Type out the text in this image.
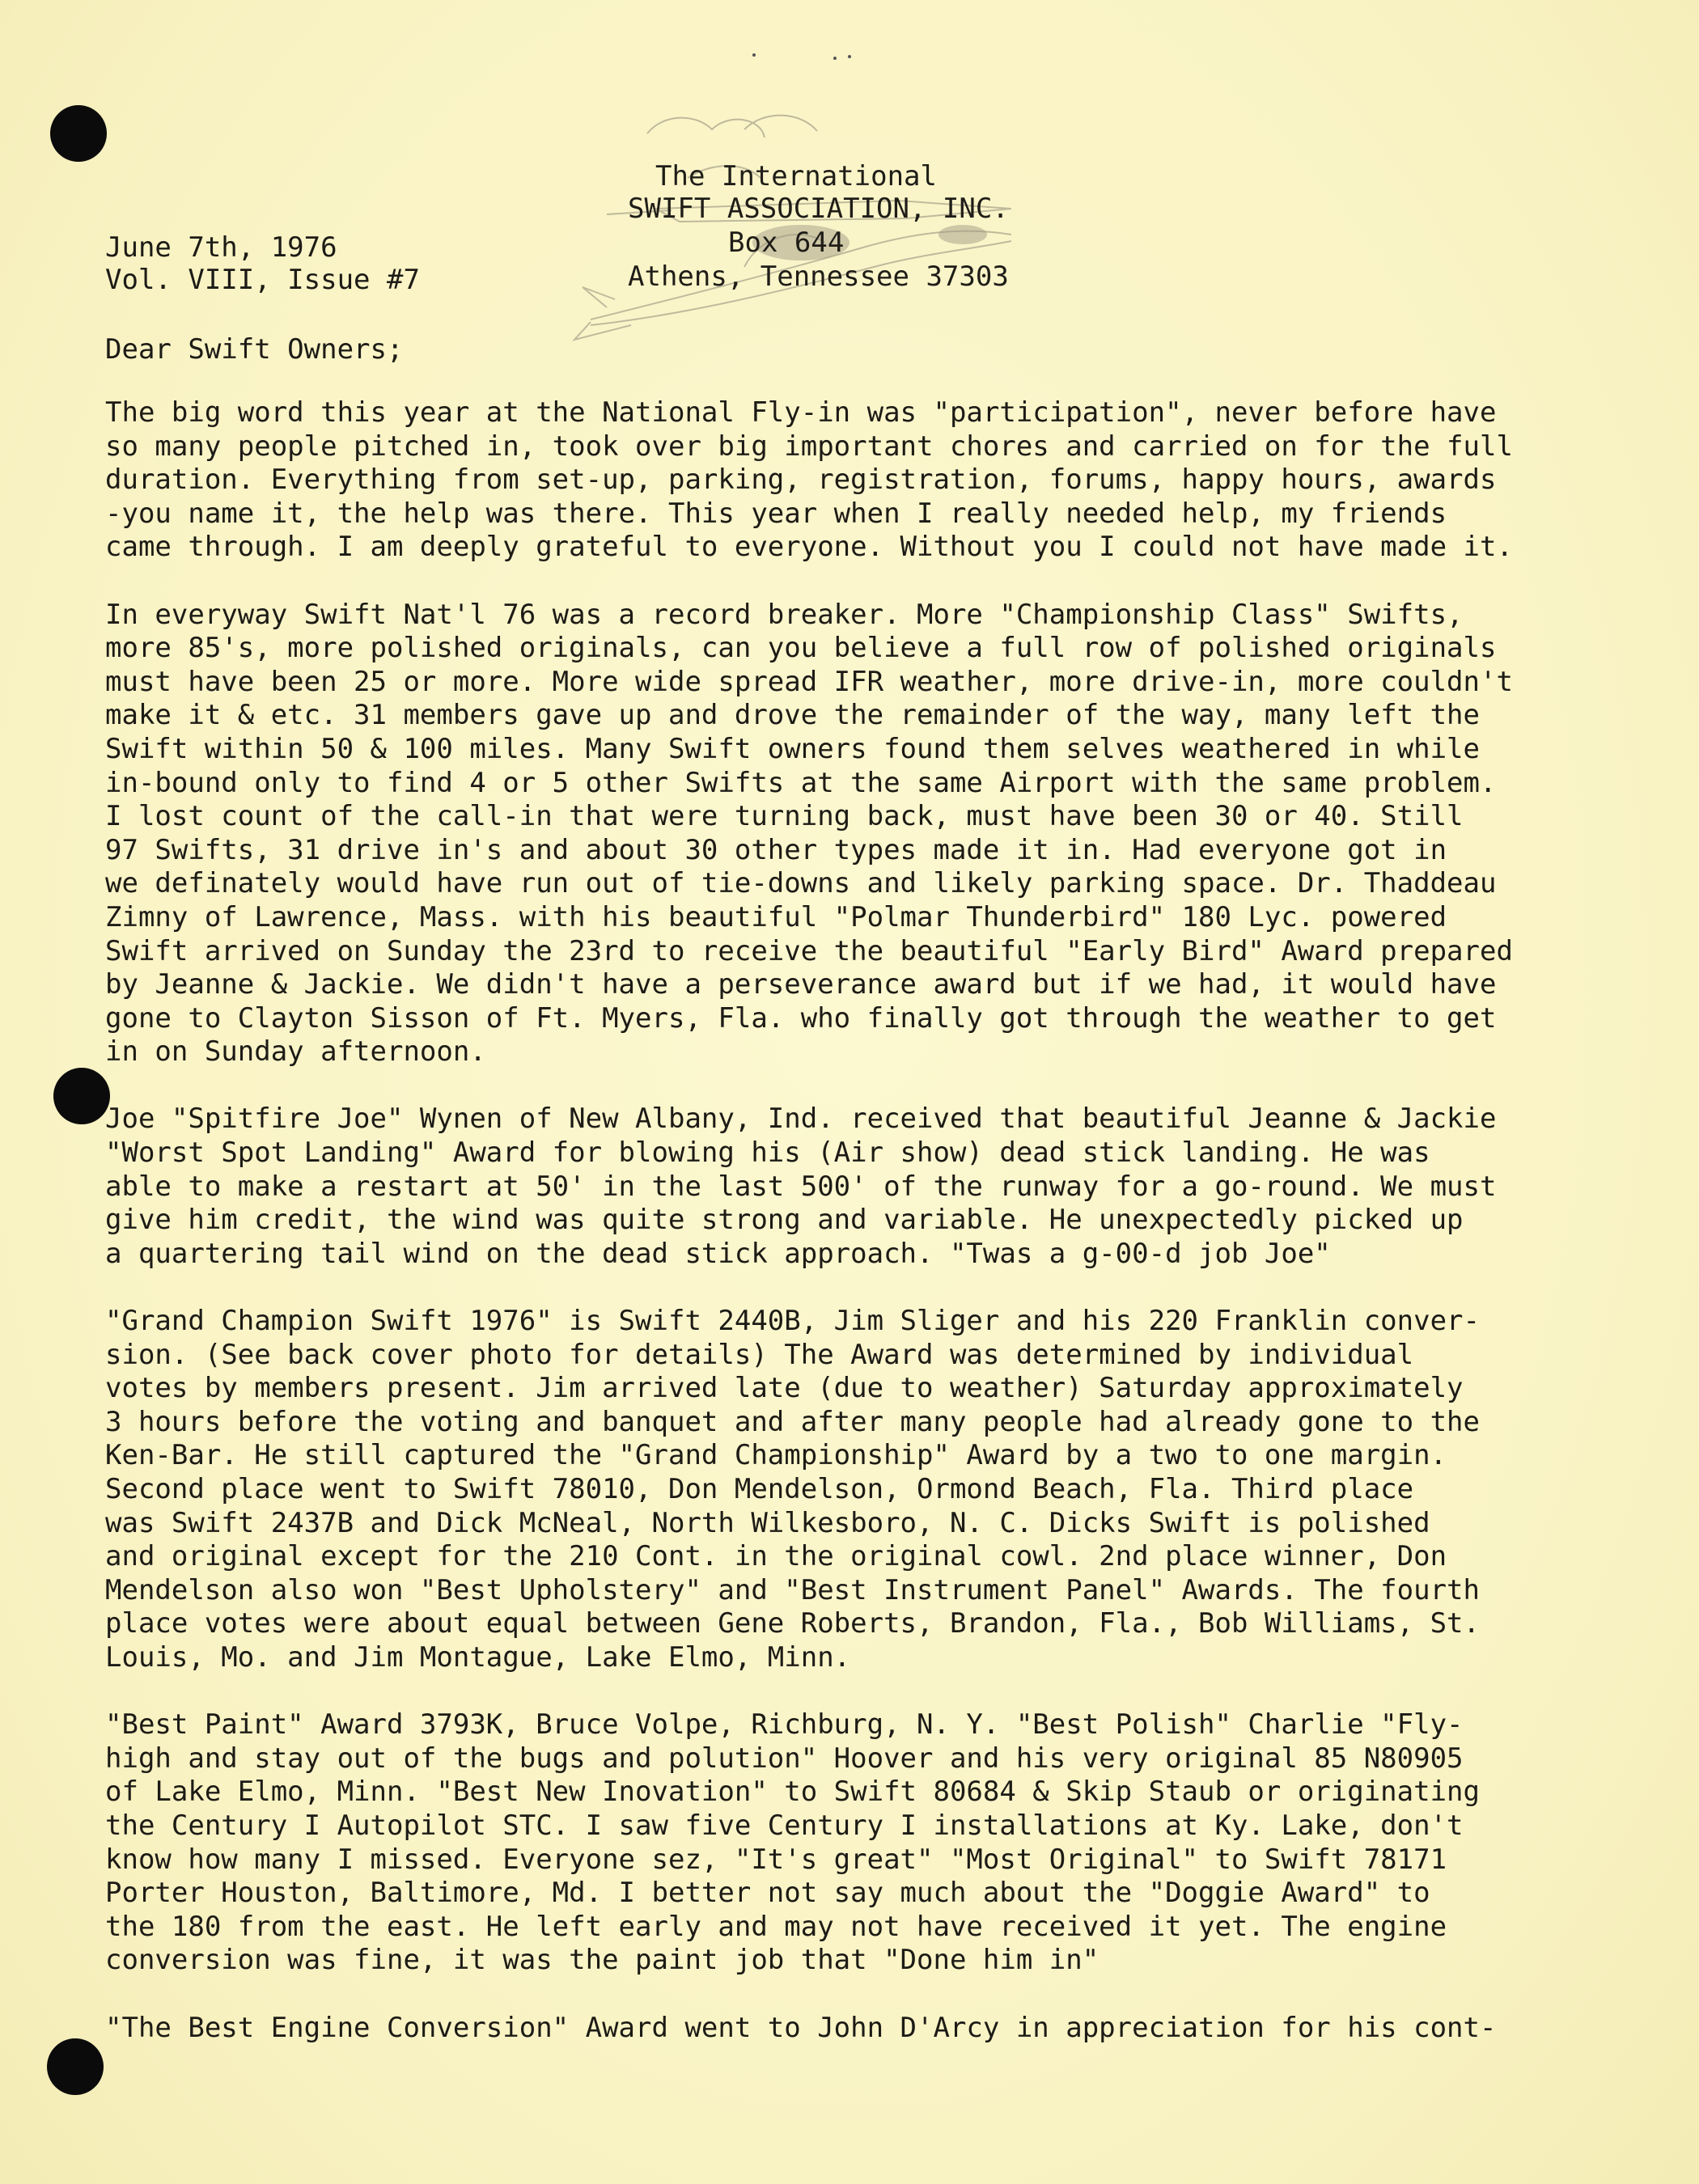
The International
SWIFT ASSOCIATION, INC.
Box 644
Athens, Tennessee 37303
June 7th, 1976
Vol. VIII, Issue #7
Dear Swift Owners;
The big word this year at the National Fly-in was "participation", never before have
so many people pitched in, took over big important chores and carried on for the full
duration. Everything from set-up, parking, registration, forums, happy hours, awards
-you name it, the help was there. This year when I really needed help, my friends
came through. I am deeply grateful to everyone. Without you I could not have made it.
In everyway Swift Nat'l 76 was a record breaker. More "Championship Class" Swifts,
more 85's, more polished originals, can you believe a full row of polished originals
must have been 25 or more. More wide spread IFR weather, more drive-in, more couldn't
make it & etc. 31 members gave up and drove the remainder of the way, many left the
Swift within 50 & 100 miles. Many Swift owners found them selves weathered in while
in-bound only to find 4 or 5 other Swifts at the same Airport with the same problem.
I lost count of the call-in that were turning back, must have been 30 or 40. Still
97 Swifts, 31 drive in's and about 30 other types made it in. Had everyone got in
we definately would have run out of tie-downs and likely parking space. Dr. Thaddeau
Zimny of Lawrence, Mass. with his beautiful "Polmar Thunderbird" 180 Lyc. powered
Swift arrived on Sunday the 23rd to receive the beautiful "Early Bird" Award prepared
by Jeanne & Jackie. We didn't have a perseverance award but if we had, it would have
gone to Clayton Sisson of Ft. Myers, Fla. who finally got through the weather to get
in on Sunday afternoon.
Joe "Spitfire Joe" Wynen of New Albany, Ind. received that beautiful Jeanne & Jackie
"Worst Spot Landing" Award for blowing his (Air show) dead stick landing. He was
able to make a restart at 50' in the last 500' of the runway for a go-round. We must
give him credit, the wind was quite strong and variable. He unexpectedly picked up
a quartering tail wind on the dead stick approach. "Twas a g-00-d job Joe"
"Grand Champion Swift 1976" is Swift 2440B, Jim Sliger and his 220 Franklin conver-
sion. (See back cover photo for details) The Award was determined by individual
votes by members present. Jim arrived late (due to weather) Saturday approximately
3 hours before the voting and banquet and after many people had already gone to the
Ken-Bar. He still captured the "Grand Championship" Award by a two to one margin.
Second place went to Swift 78010, Don Mendelson, Ormond Beach, Fla. Third place
was Swift 2437B and Dick McNeal, North Wilkesboro, N. C. Dicks Swift is polished
and original except for the 210 Cont. in the original cowl. 2nd place winner, Don
Mendelson also won "Best Upholstery" and "Best Instrument Panel" Awards. The fourth
place votes were about equal between Gene Roberts, Brandon, Fla., Bob Williams, St.
Louis, Mo. and Jim Montague, Lake Elmo, Minn.
"Best Paint" Award 3793K, Bruce Volpe, Richburg, N. Y. "Best Polish" Charlie "Fly-
high and stay out of the bugs and polution" Hoover and his very original 85 N80905
of Lake Elmo, Minn. "Best New Inovation" to Swift 80684 & Skip Staub or originating
the Century I Autopilot STC. I saw five Century I installations at Ky. Lake, don't
know how many I missed. Everyone sez, "It's great" "Most Original" to Swift 78171
Porter Houston, Baltimore, Md. I better not say much about the "Doggie Award" to
the 180 from the east. He left early and may not have received it yet. The engine
conversion was fine, it was the paint job that "Done him in"
"The Best Engine Conversion" Award went to John D'Arcy in appreciation for his cont-
